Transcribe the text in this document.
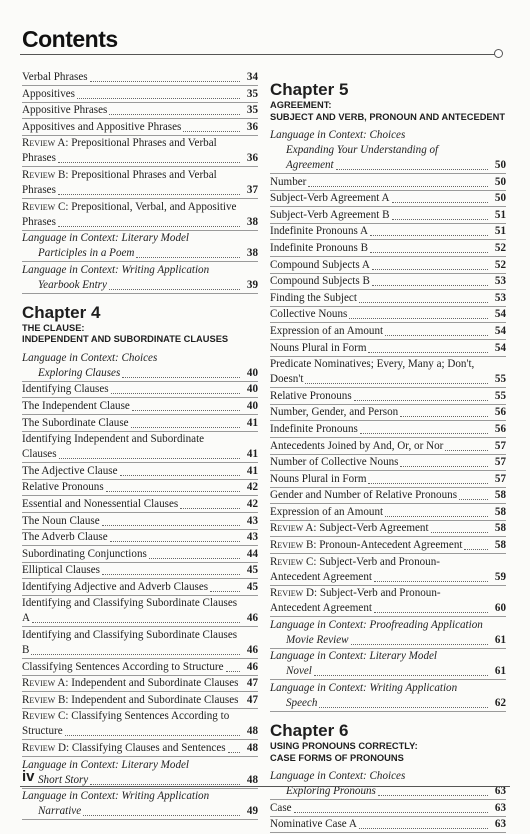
Contents
Verbal Phrases	34
Appositives	35
Appositive Phrases	35
Appositives and Appositive Phrases	36
Review A: Prepositional Phrases and Verbal Phrases	36
Review B: Prepositional Phrases and Verbal Phrases	37
Review C: Prepositional, Verbal, and Appositive Phrases	38
Language in Context: Literary Model
Participles in a Poem	38
Language in Context: Writing Application
Yearbook Entry	39
Chapter 4
THE CLAUSE:
INDEPENDENT AND SUBORDINATE CLAUSES
Language in Context: Choices
Exploring Clauses	40
Identifying Clauses	40
The Independent Clause	40
The Subordinate Clause	41
Identifying Independent and Subordinate Clauses	41
The Adjective Clause	41
Relative Pronouns	42
Essential and Nonessential Clauses	42
The Noun Clause	43
The Adverb Clause	43
Subordinating Conjunctions	44
Elliptical Clauses	45
Identifying Adjective and Adverb Clauses	45
Identifying and Classifying Subordinate Clauses A	46
Identifying and Classifying Subordinate Clauses B	46
Classifying Sentences According to Structure	46
Review A: Independent and Subordinate Clauses 47
Review B: Independent and Subordinate Clauses 47
Review C: Classifying Sentences According to Structure	48
Review D: Classifying Clauses and Sentences	48
Language in Context: Literary Model
Short Story	48
Language in Context: Writing Application
Narrative	49
Chapter 5
AGREEMENT:
SUBJECT AND VERB, PRONOUN AND ANTECEDENT
Language in Context: Choices
Expanding Your Understanding of Agreement	50
Number	50
Subject-Verb Agreement A	50
Subject-Verb Agreement B	51
Indefinite Pronouns A	51
Indefinite Pronouns B	52
Compound Subjects A	52
Compound Subjects B	53
Finding the Subject	53
Collective Nouns	54
Expression of an Amount	54
Nouns Plural in Form	54
Predicate Nominatives; Every, Many a; Don't, Doesn't	55
Relative Pronouns	55
Number, Gender, and Person	56
Indefinite Pronouns	56
Antecedents Joined by And, Or, or Nor	57
Number of Collective Nouns	57
Nouns Plural in Form	57
Gender and Number of Relative Pronouns	58
Expression of an Amount	58
Review A: Subject-Verb Agreement	58
Review B: Pronoun-Antecedent Agreement	58
Review C: Subject-Verb and Pronoun-Antecedent Agreement	59
Review D: Subject-Verb and Pronoun-Antecedent Agreement	60
Language in Context: Proofreading Application
Movie Review	61
Language in Context: Literary Model
Novel	61
Language in Context: Writing Application
Speech	62
Chapter 6
USING PRONOUNS CORRECTLY:
CASE FORMS OF PRONOUNS
Language in Context: Choices
Exploring Pronouns	63
Case	63
Nominative Case A	63
iv
